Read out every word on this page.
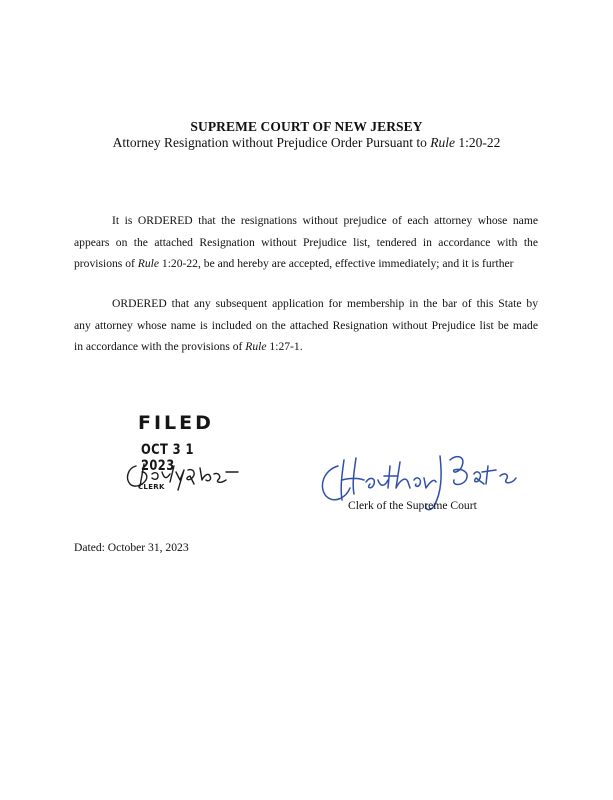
SUPREME COURT OF NEW JERSEY
Attorney Resignation without Prejudice Order Pursuant to Rule 1:20-22
It is ORDERED that the resignations without prejudice of each attorney whose name
appears on the attached Resignation without Prejudice list, tendered in accordance with the
provisions of Rule 1:20-22, be and hereby are accepted, effective immediately; and it is further
ORDERED that any subsequent application for membership in the bar of this State by
any attorney whose name is included on the attached Resignation without Prejudice list be made
in accordance with the provisions of Rule 1:27-1.
FILED
OCT 3 1 2023
CLERK
Clerk of the Supreme Court
Dated: October 31, 2023
